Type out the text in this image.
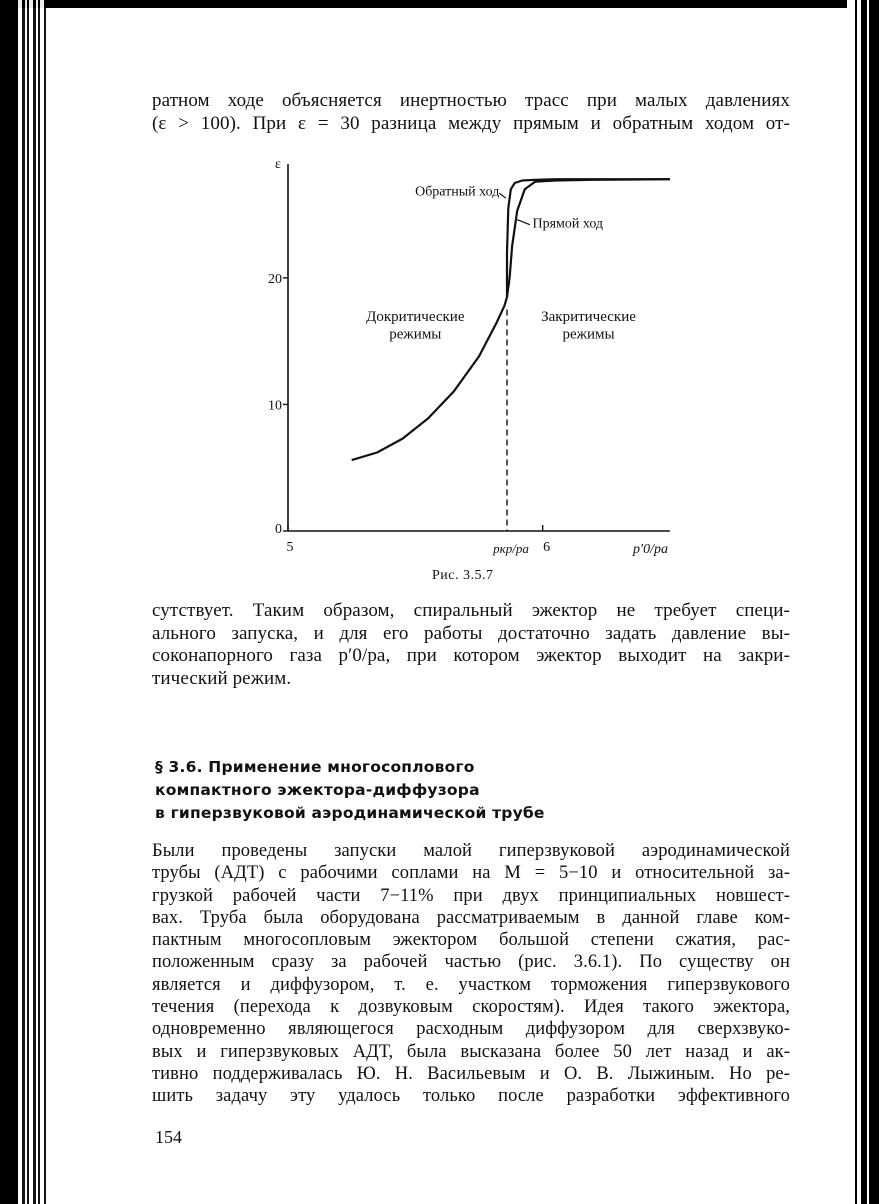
ратном ходе объясняется инертностью трасс при малых давлениях
(ε > 100). При ε = 30 разница между прямым и обратным ходом от-
ε
p′0/pa
0
10
20
5	6
pкр/pa
Обратный ход
Прямой ход
Докритические
режимы
Закритические
режимы
Рис. 3.5.7
сутствует. Таким образом, спиральный эжектор не требует специ-
ального запуска, и для его работы достаточно задать давление вы-
соконапорного газа p′0/pa, при котором эжектор выходит на закри-
тический режим.
§ 3.6. Применение многосоплового
компактного эжектора-диффузора
в гиперзвуковой аэродинамической трубе
Были проведены запуски малой гиперзвуковой аэродинамической
трубы (АДТ) с рабочими соплами на M = 5−10 и относительной за-
грузкой рабочей части 7−11% при двух принципиальных новшест-
вах. Труба была оборудована рассматриваемым в данной главе ком-
пактным многосопловым эжектором большой степени сжатия, рас-
положенным сразу за рабочей частью (рис. 3.6.1). По существу он
является и диффузором, т. е. участком торможения гиперзвукового
течения (перехода к дозвуковым скоростям). Идея такого эжектора,
одновременно являющегося расходным диффузором для сверхзвуко-
вых и гиперзвуковых АДТ, была высказана более 50 лет назад и ак-
тивно поддерживалась Ю. Н. Васильевым и О. В. Лыжиным. Но ре-
шить задачу эту удалось только после разработки эффективного
154
